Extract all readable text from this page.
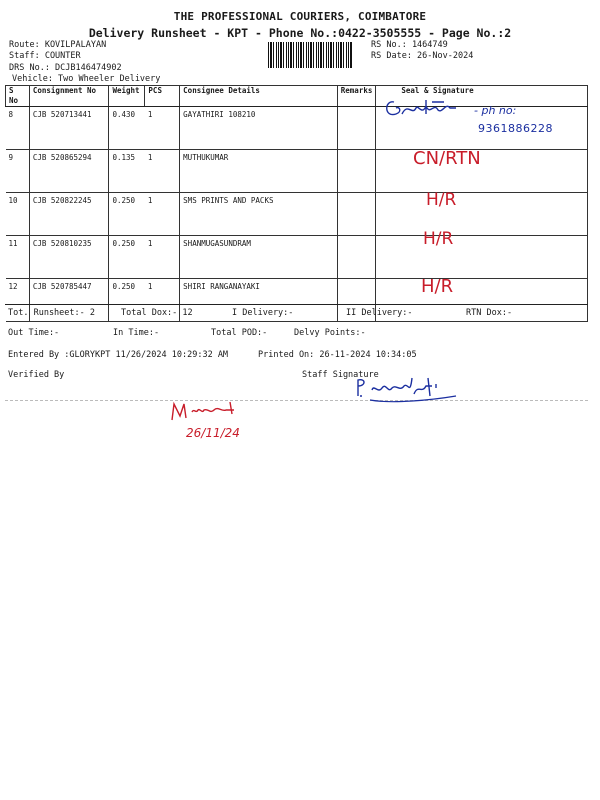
THE PROFESSIONAL COURIERS, COIMBATORE
Delivery Runsheet - KPT - Phone No.:0422-3505555 - Page No.:2
Route: KOVILPALAYAN
Staff: COUNTER
DRS No.: DCJB146474902
Vehicle: Two Wheeler Delivery
RS No.: 1464749
RS Date: 26-Nov-2024
S No	Consignment No	Weight	PCS	Consignee Details	Remarks	Seal & Signature
8	CJB 520713441	0.430	1	GAYATHIRI 108210		
9	CJB 520865294	0.135	1	MUTHUKUMAR		
10	CJB 520822245	0.250	1	SMS PRINTS AND PACKS		
11	CJB 520810235	0.250	1	SHANMUGASUNDRAM		
12	CJB 520785447	0.250	1	SHIRI RANGANAYAKI		
Tot. Runsheet:- 2	Total Dox:- 12	I Delivery:-	II Delivery:-	RTN Dox:-
Out Time:-	In Time:-	Total POD:-	Delvy Points:-
Entered By :GLORYKPT 11/26/2024 10:29:32 AM	Printed On: 26-11-2024 10:34:05
Verified By	Staff Signature
- ph no:
9361886228
CN/RTN
H/R
H/R
H/R
26/11/24
